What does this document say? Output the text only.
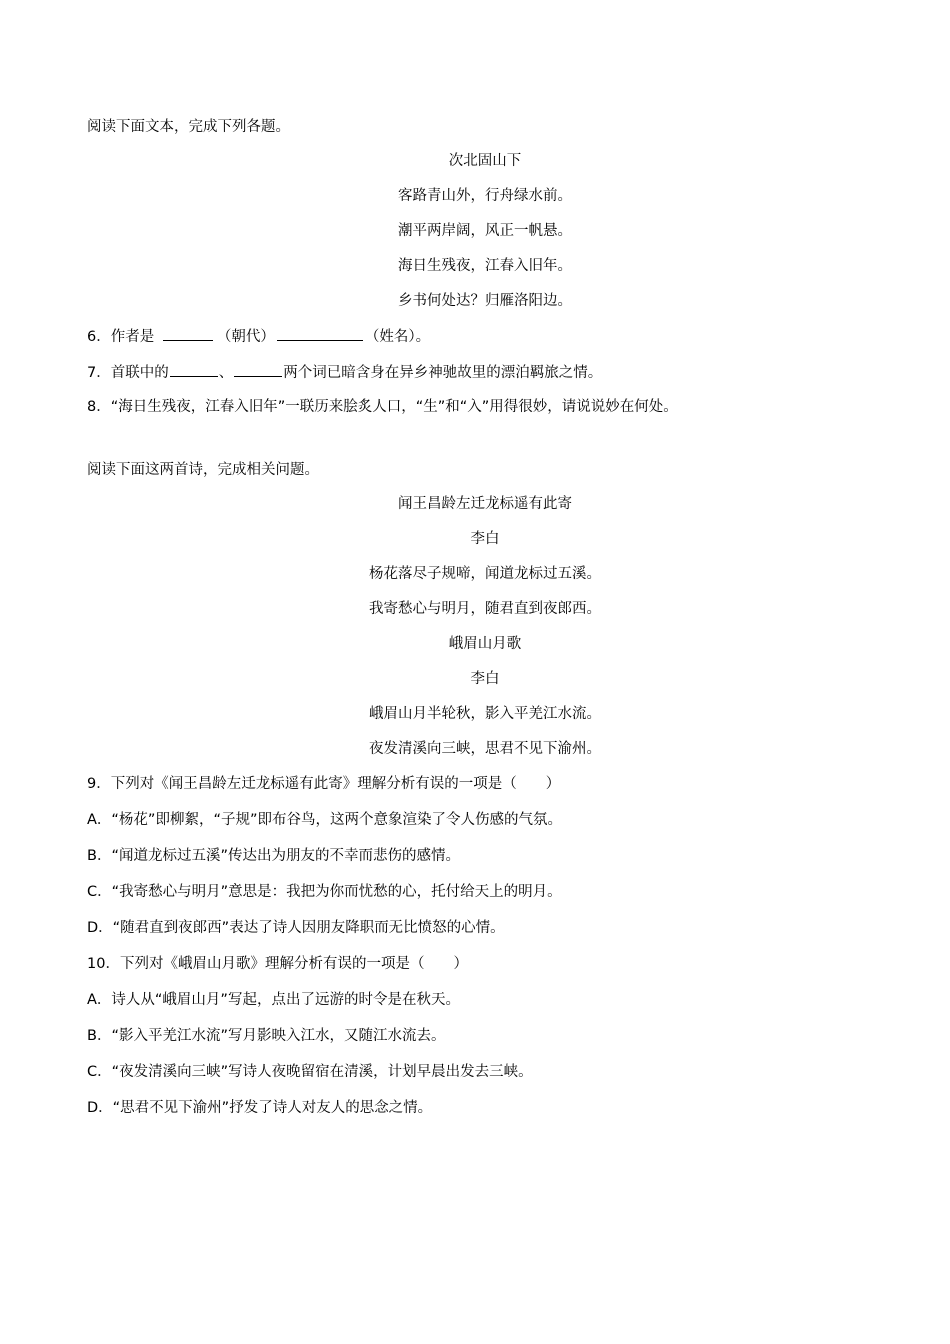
阅读下面文本，完成下列各题。
次北固山下
客路青山外，行舟绿水前。
潮平两岸阔，风正一帆悬。
海日生残夜，江春入旧年。
乡书何处达？归雁洛阳边。
6．作者是	（朝代）	（姓名）。
7．首联中的	、	两个词已暗含身在异乡神驰故里的漂泊羁旅之情。
8．“海日生残夜，江春入旧年”一联历来脍炙人口，“生”和“入”用得很妙，请说说妙在何处。
阅读下面这两首诗，完成相关问题。
闻王昌龄左迁龙标遥有此寄
李白
杨花落尽子规啼，闻道龙标过五溪。
我寄愁心与明月，随君直到夜郎西。
峨眉山月歌
李白
峨眉山月半轮秋，影入平羌江水流。
夜发清溪向三峡，思君不见下渝州。
9．下列对《闻王昌龄左迁龙标遥有此寄》理解分析有误的一项是（　　）
A．“杨花”即柳絮，“子规”即布谷鸟，这两个意象渲染了令人伤感的气氛。
B．“闻道龙标过五溪”传达出为朋友的不幸而悲伤的感情。
C．“我寄愁心与明月”意思是：我把为你而忧愁的心，托付给天上的明月。
D．“随君直到夜郎西”表达了诗人因朋友降职而无比愤怒的心情。
10．下列对《峨眉山月歌》理解分析有误的一项是（　　）
A．诗人从“峨眉山月”写起，点出了远游的时令是在秋天。
B．“影入平羌江水流”写月影映入江水，又随江水流去。
C．“夜发清溪向三峡”写诗人夜晚留宿在清溪，计划早晨出发去三峡。
D．“思君不见下渝州”抒发了诗人对友人的思念之情。
